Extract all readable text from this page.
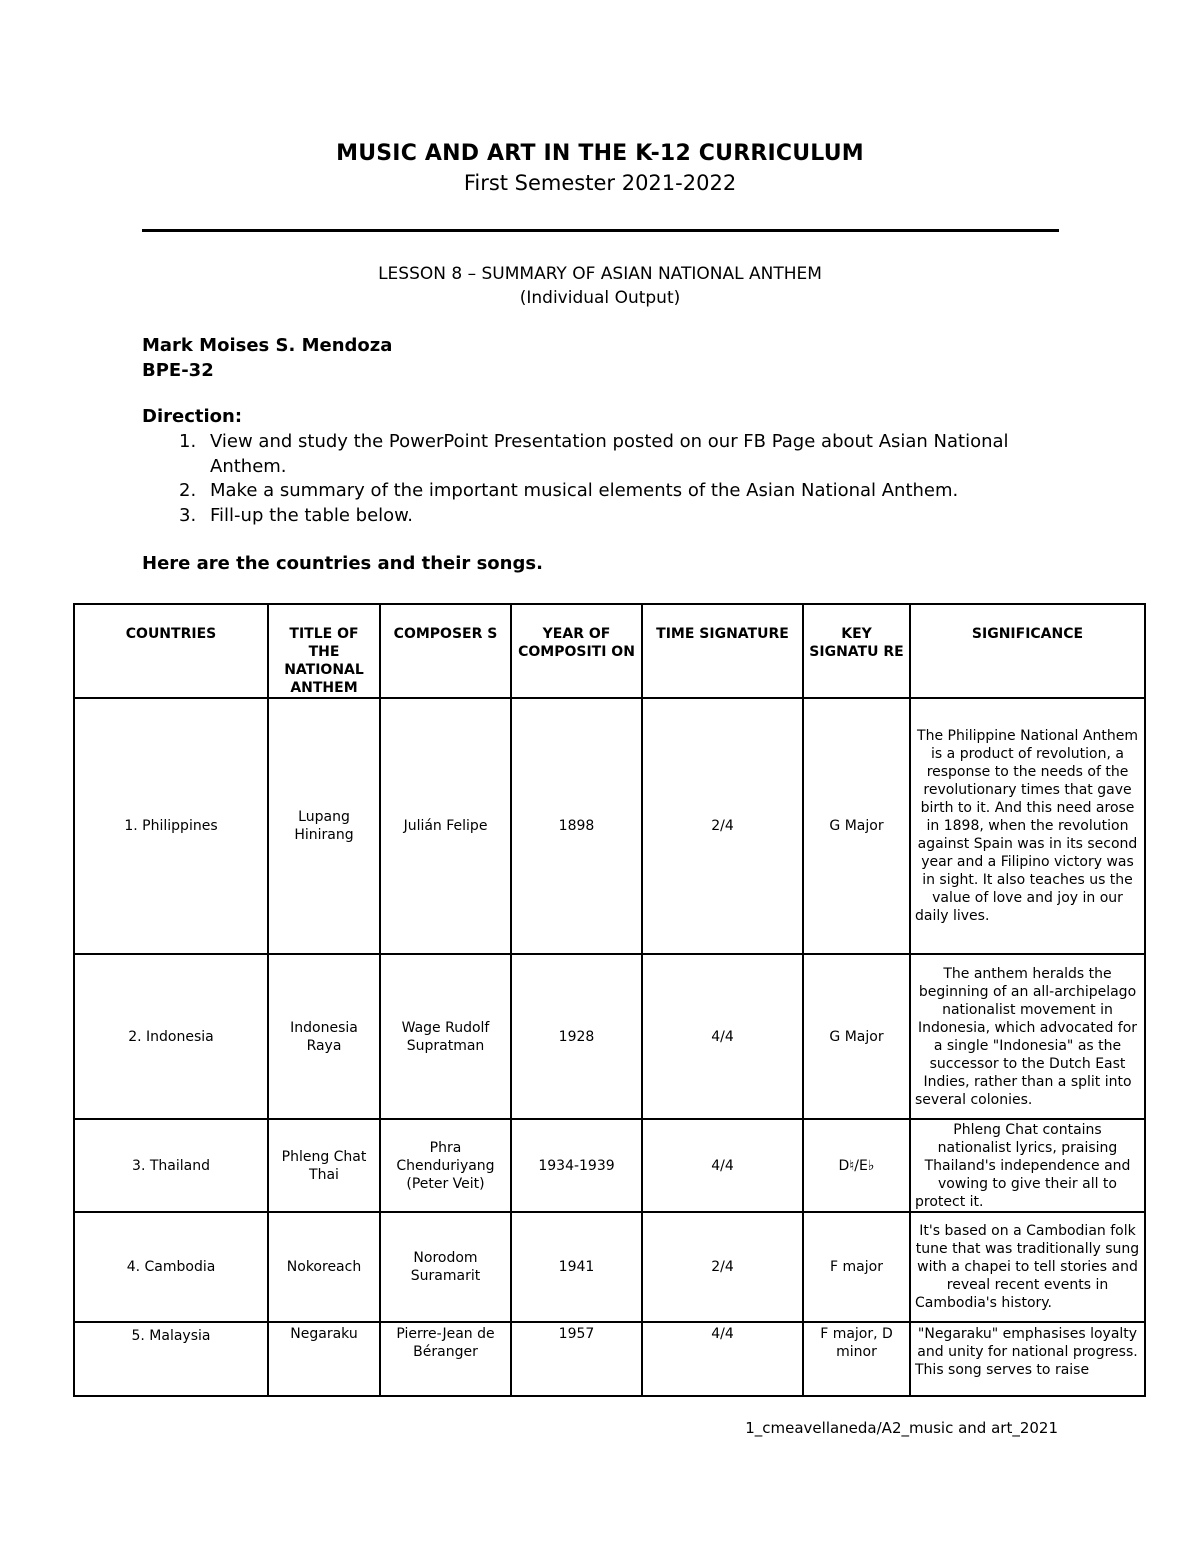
MUSIC AND ART IN THE K-12 CURRICULUM
First Semester 2021-2022
LESSON 8 – SUMMARY OF ASIAN NATIONAL ANTHEM
(Individual Output)
Mark Moises S. Mendoza
BPE-32
Direction:
1. View and study the PowerPoint Presentation posted on our FB Page about Asian National Anthem.
2. Make a summary of the important musical elements of the Asian National Anthem.
3. Fill-up the table below.
Here are the countries and their songs.
COUNTRIES	TITLE OF THE NATIONAL ANTHEM	COMPOSER S	YEAR OF COMPOSITI ON	TIME SIGNATURE	KEY SIGNATU RE	SIGNIFICANCE
1. Philippines	Lupang Hinirang	Julián Felipe	1898	2/4	G Major	The Philippine National Anthem is a product of revolution, a response to the needs of the revolutionary times that gave birth to it. And this need arose in 1898, when the revolution against Spain was in its second year and a Filipino victory was in sight. It also teaches us the value of love and joy in our daily lives.
2. Indonesia	Indonesia Raya	Wage Rudolf Supratman	1928	4/4	G Major	The anthem heralds the beginning of an all-archipelago nationalist movement in Indonesia, which advocated for a single "Indonesia" as the successor to the Dutch East Indies, rather than a split into several colonies.
3. Thailand	Phleng Chat Thai	Phra Chenduriyang (Peter Veit)	1934-1939	4/4	D♮/E♭	Phleng Chat contains nationalist lyrics, praising Thailand's independence and vowing to give their all to protect it.
4. Cambodia	Nokoreach	Norodom Suramarit	1941	2/4	F major	It's based on a Cambodian folk tune that was traditionally sung with a chapei to tell stories and reveal recent events in Cambodia's history.
5. Malaysia	Negaraku	Pierre-Jean de Béranger	1957	4/4	F major, D minor	"Negaraku" emphasises loyalty and unity for national progress. This song serves to raise
1_cmeavellaneda/A2_music and art_2021
